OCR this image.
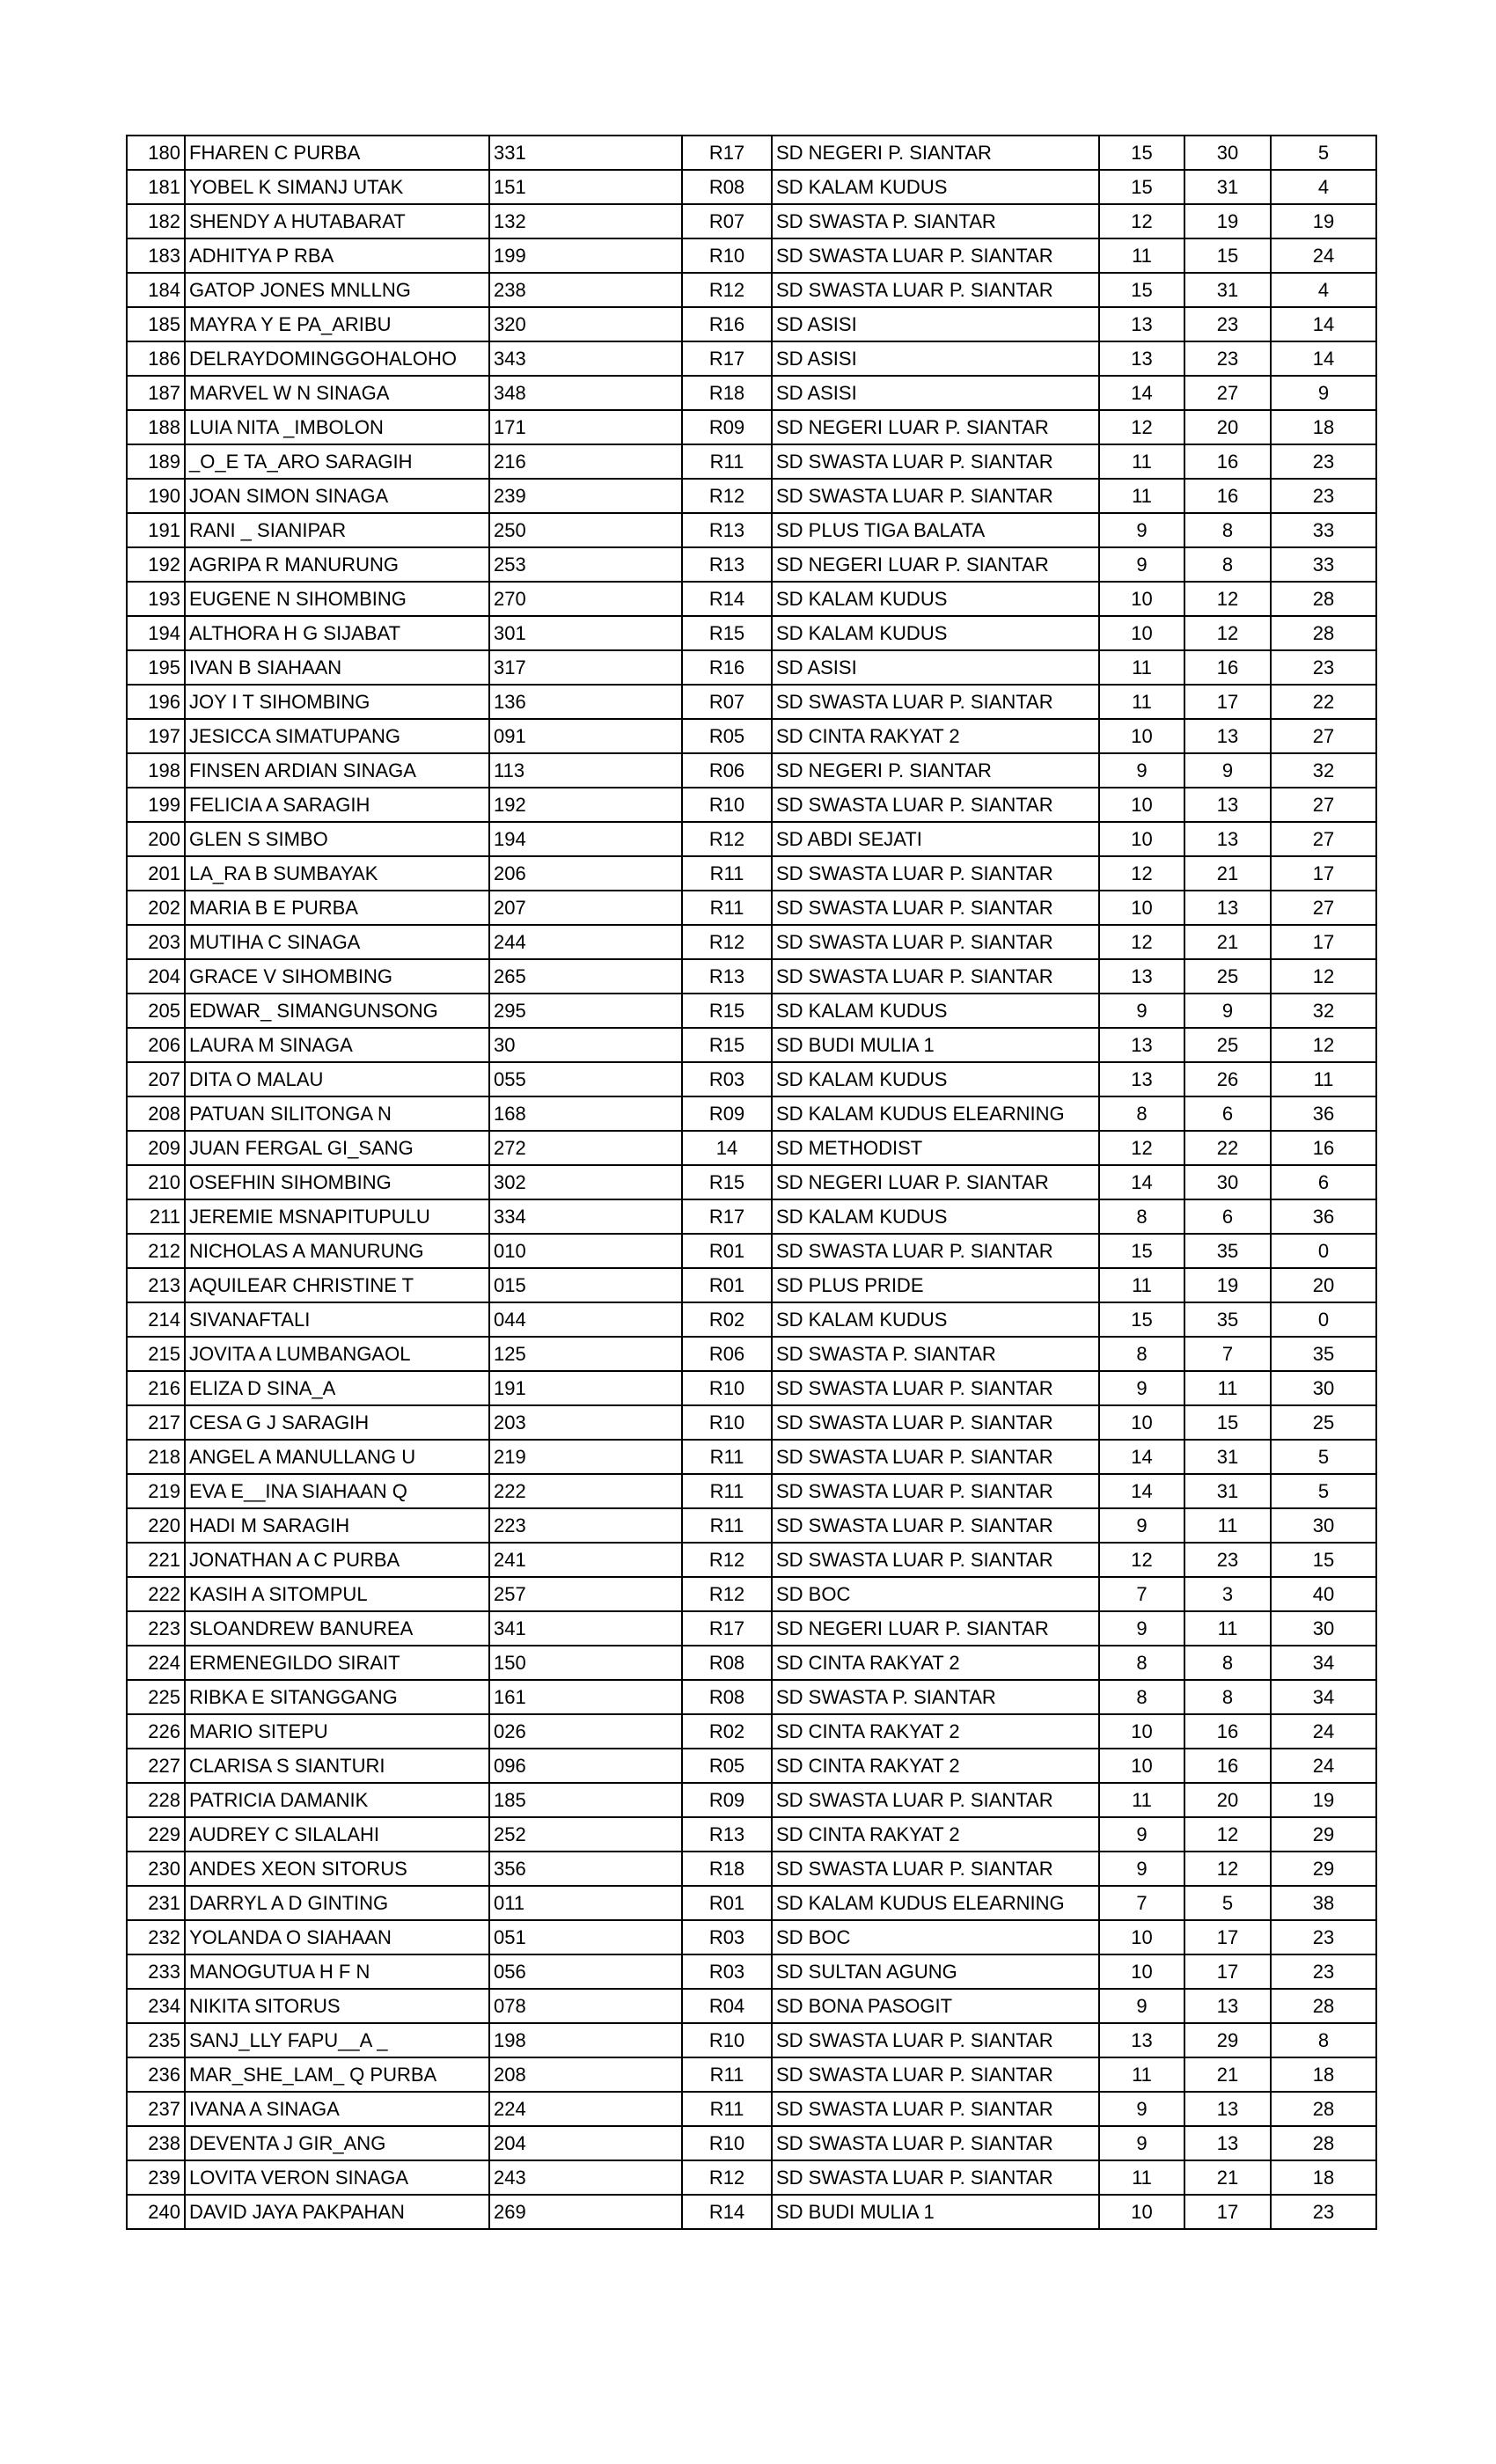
180	FHAREN C PURBA	331	R17	SD NEGERI P. SIANTAR	15	30	5
181	YOBEL K SIMANJ UTAK	151	R08	SD KALAM KUDUS	15	31	4
182	SHENDY A HUTABARAT	132	R07	SD SWASTA P. SIANTAR	12	19	19
183	ADHITYA P RBA	199	R10	SD SWASTA LUAR P. SIANTAR	11	15	24
184	GATOP JONES MNLLNG	238	R12	SD SWASTA LUAR P. SIANTAR	15	31	4
185	MAYRA Y E PA_ARIBU	320	R16	SD ASISI	13	23	14
186	DELRAYDOMINGGOHALOHO	343	R17	SD ASISI	13	23	14
187	MARVEL W N SINAGA	348	R18	SD ASISI	14	27	9
188	LUIA NITA _IMBOLON	171	R09	SD NEGERI LUAR P. SIANTAR	12	20	18
189	_O_E TA_ARO SARAGIH	216	R11	SD SWASTA LUAR P. SIANTAR	11	16	23
190	JOAN SIMON SINAGA	239	R12	SD SWASTA LUAR P. SIANTAR	11	16	23
191	RANI _ SIANIPAR	250	R13	SD PLUS TIGA BALATA	9	8	33
192	AGRIPA R MANURUNG	253	R13	SD NEGERI LUAR P. SIANTAR	9	8	33
193	EUGENE N SIHOMBING	270	R14	SD KALAM KUDUS	10	12	28
194	ALTHORA H G SIJABAT	301	R15	SD KALAM KUDUS	10	12	28
195	IVAN B SIAHAAN	317	R16	SD ASISI	11	16	23
196	JOY I T SIHOMBING	136	R07	SD SWASTA LUAR P. SIANTAR	11	17	22
197	JESICCA SIMATUPANG	091	R05	SD CINTA RAKYAT 2	10	13	27
198	FINSEN ARDIAN SINAGA	113	R06	SD NEGERI P. SIANTAR	9	9	32
199	FELICIA A SARAGIH	192	R10	SD SWASTA LUAR P. SIANTAR	10	13	27
200	GLEN S SIMBO	194	R12	SD ABDI SEJATI	10	13	27
201	LA_RA B SUMBAYAK	206	R11	SD SWASTA LUAR P. SIANTAR	12	21	17
202	MARIA B E PURBA	207	R11	SD SWASTA LUAR P. SIANTAR	10	13	27
203	MUTIHA C SINAGA	244	R12	SD SWASTA LUAR P. SIANTAR	12	21	17
204	GRACE V SIHOMBING	265	R13	SD SWASTA LUAR P. SIANTAR	13	25	12
205	EDWAR_ SIMANGUNSONG	295	R15	SD KALAM KUDUS	9	9	32
206	LAURA M SINAGA	30	R15	SD BUDI MULIA 1	13	25	12
207	DITA O MALAU	055	R03	SD KALAM KUDUS	13	26	11
208	PATUAN SILITONGA N	168	R09	SD KALAM KUDUS ELEARNING	8	6	36
209	JUAN FERGAL GI_SANG	272	14	SD METHODIST	12	22	16
210	OSEFHIN SIHOMBING	302	R15	SD NEGERI LUAR P. SIANTAR	14	30	6
211	JEREMIE MSNAPITUPULU	334	R17	SD KALAM KUDUS	8	6	36
212	NICHOLAS A MANURUNG	010	R01	SD SWASTA LUAR P. SIANTAR	15	35	0
213	AQUILEAR CHRISTINE T	015	R01	SD PLUS PRIDE	11	19	20
214	SIVANAFTALI	044	R02	SD KALAM KUDUS	15	35	0
215	JOVITA A LUMBANGAOL	125	R06	SD SWASTA P. SIANTAR	8	7	35
216	ELIZA D SINA_A	191	R10	SD SWASTA LUAR P. SIANTAR	9	11	30
217	CESA G J SARAGIH	203	R10	SD SWASTA LUAR P. SIANTAR	10	15	25
218	ANGEL A MANULLANG U	219	R11	SD SWASTA LUAR P. SIANTAR	14	31	5
219	EVA E__INA SIAHAAN Q	222	R11	SD SWASTA LUAR P. SIANTAR	14	31	5
220	HADI M SARAGIH	223	R11	SD SWASTA LUAR P. SIANTAR	9	11	30
221	JONATHAN A C PURBA	241	R12	SD SWASTA LUAR P. SIANTAR	12	23	15
222	KASIH A SITOMPUL	257	R12	SD BOC	7	3	40
223	SLOANDREW BANUREA	341	R17	SD NEGERI LUAR P. SIANTAR	9	11	30
224	ERMENEGILDO SIRAIT	150	R08	SD CINTA RAKYAT 2	8	8	34
225	RIBKA E SITANGGANG	161	R08	SD SWASTA P. SIANTAR	8	8	34
226	MARIO SITEPU	026	R02	SD CINTA RAKYAT 2	10	16	24
227	CLARISA S SIANTURI	096	R05	SD CINTA RAKYAT 2	10	16	24
228	PATRICIA DAMANIK	185	R09	SD SWASTA LUAR P. SIANTAR	11	20	19
229	AUDREY C SILALAHI	252	R13	SD CINTA RAKYAT 2	9	12	29
230	ANDES XEON SITORUS	356	R18	SD SWASTA LUAR P. SIANTAR	9	12	29
231	DARRYL A D GINTING	011	R01	SD KALAM KUDUS ELEARNING	7	5	38
232	YOLANDA O SIAHAAN	051	R03	SD BOC	10	17	23
233	MANOGUTUA H F N	056	R03	SD SULTAN AGUNG	10	17	23
234	NIKITA SITORUS	078	R04	SD BONA PASOGIT	9	13	28
235	SANJ_LLY FAPU__A _	198	R10	SD SWASTA LUAR P. SIANTAR	13	29	8
236	MAR_SHE_LAM_ Q PURBA	208	R11	SD SWASTA LUAR P. SIANTAR	11	21	18
237	IVANA A SINAGA	224	R11	SD SWASTA LUAR P. SIANTAR	9	13	28
238	DEVENTA J GIR_ANG	204	R10	SD SWASTA LUAR P. SIANTAR	9	13	28
239	LOVITA VERON SINAGA	243	R12	SD SWASTA LUAR P. SIANTAR	11	21	18
240	DAVID JAYA PAKPAHAN	269	R14	SD BUDI MULIA 1	10	17	23
